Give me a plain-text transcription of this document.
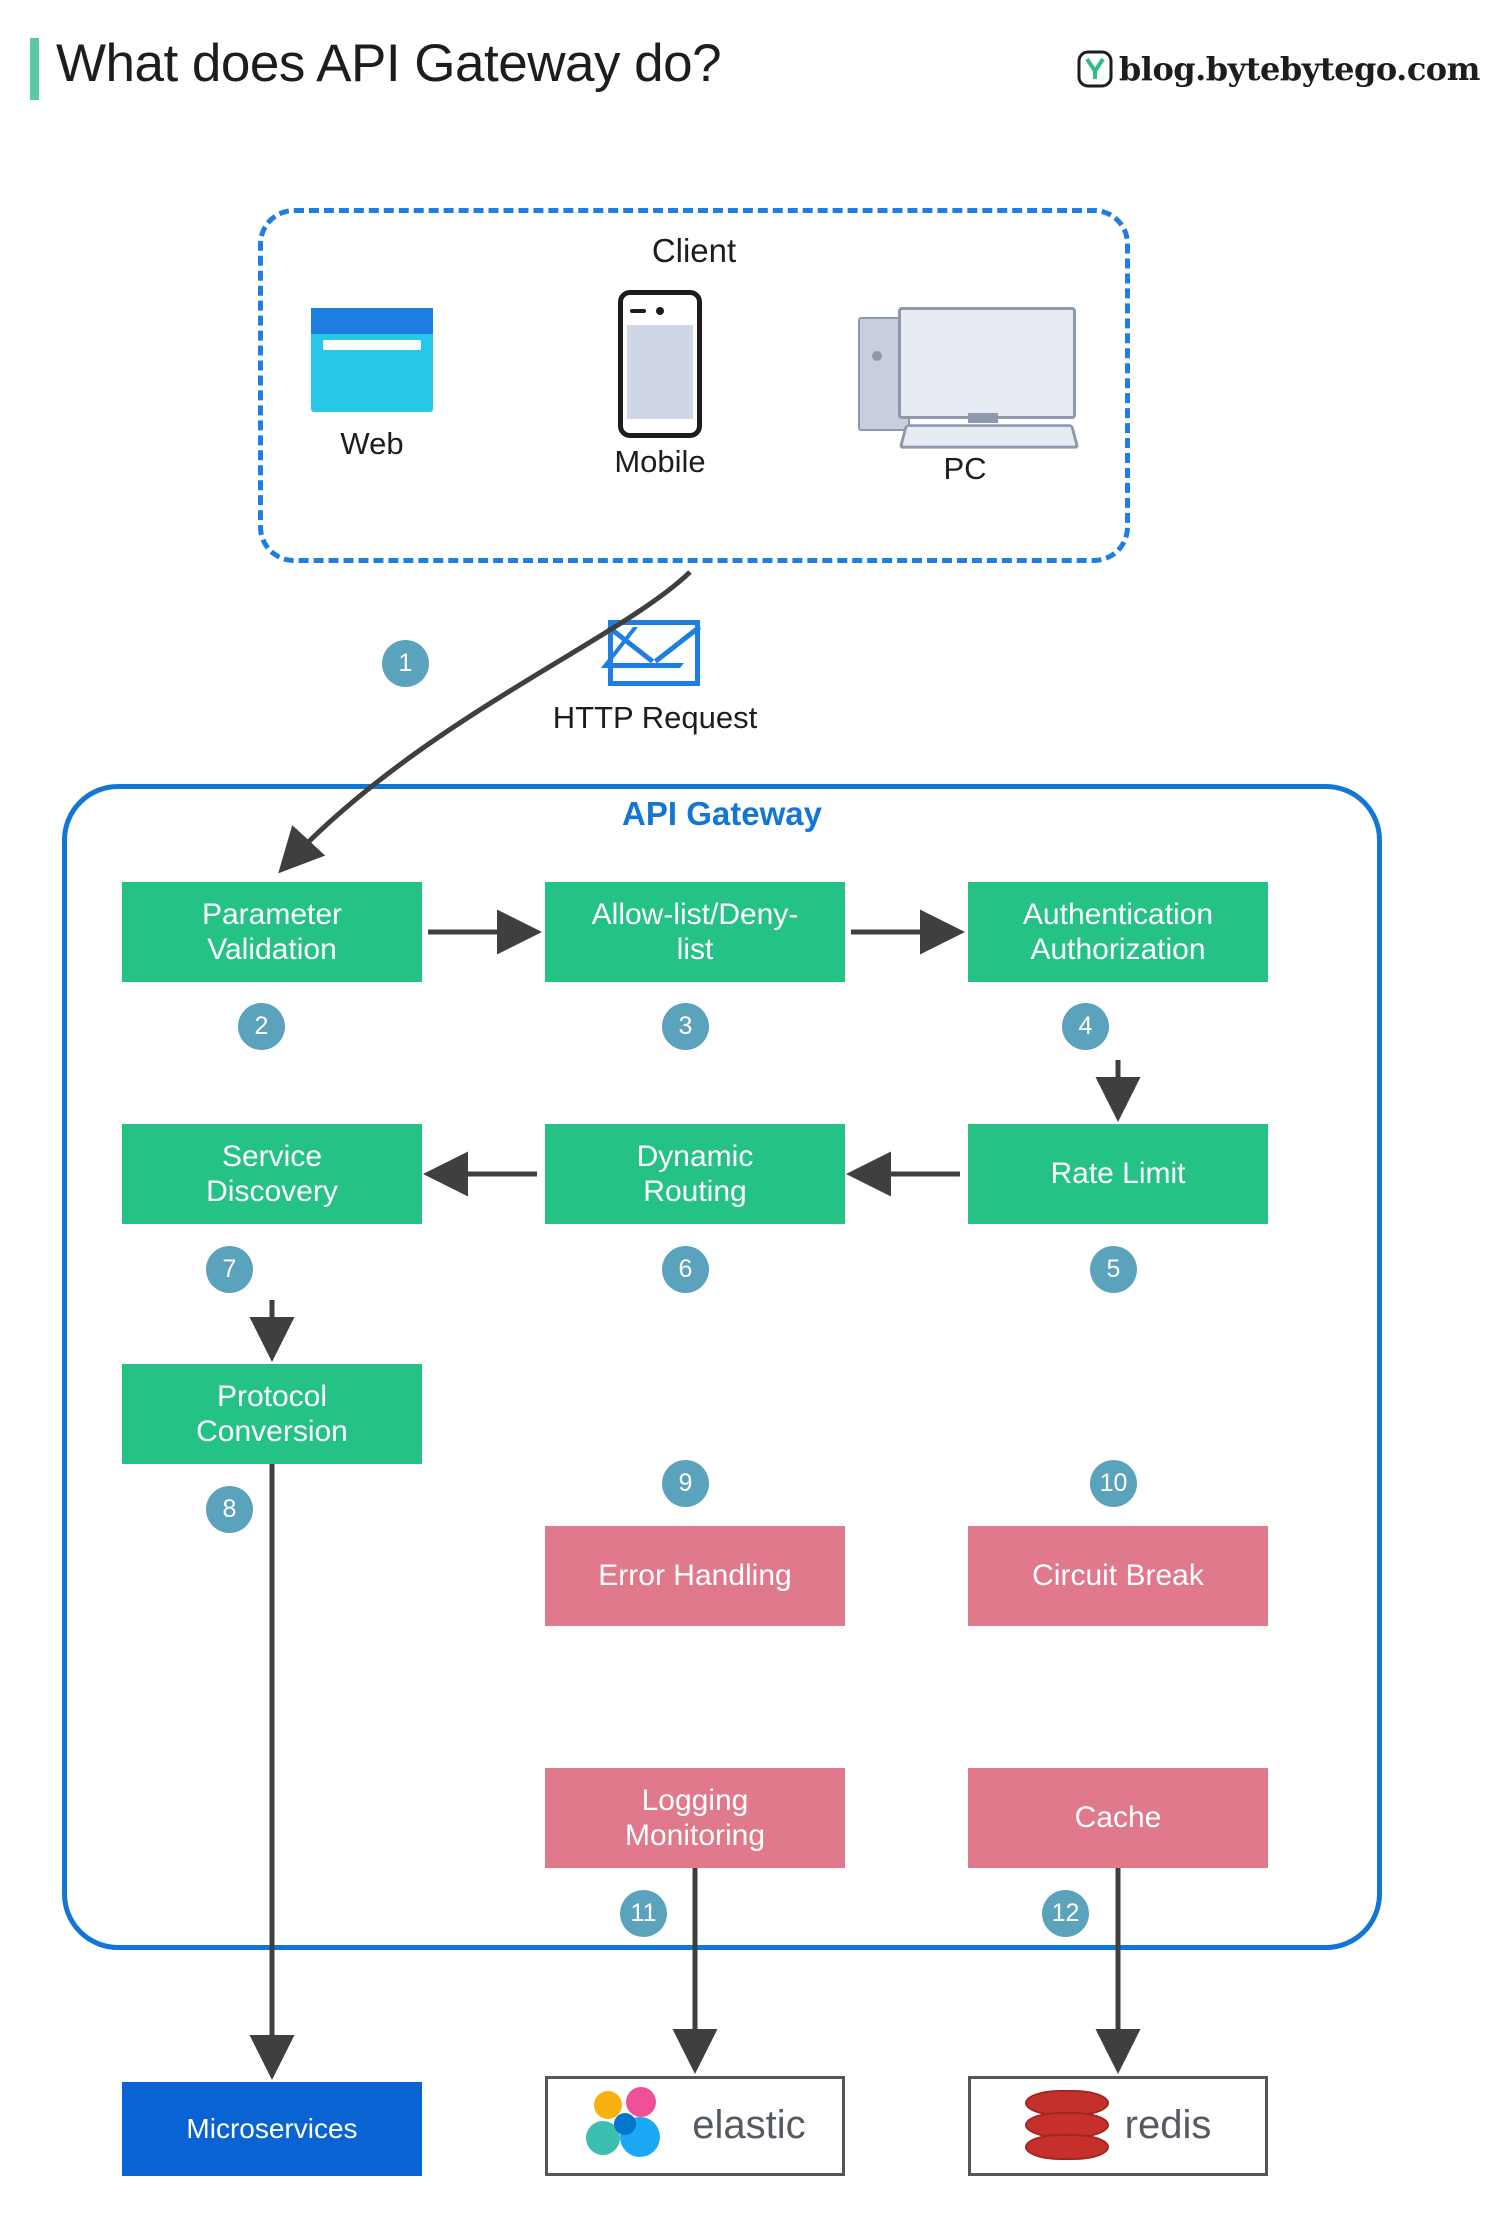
What does API Gateway do?	blog.bytebytego.com
Client
Web
Mobile	PC
HTTP Request
1
API Gateway
Parameter
Validation
2
Allow-list/Deny-
list
3
Authentication
Authorization
4
Service
Discovery
7
Dynamic
Routing
6
Rate Limit
5
Protocol
Conversion
8
9
Error Handling
10
Circuit Break
Logging
Monitoring
11
Cache
12
Microservices	elastic	redis
